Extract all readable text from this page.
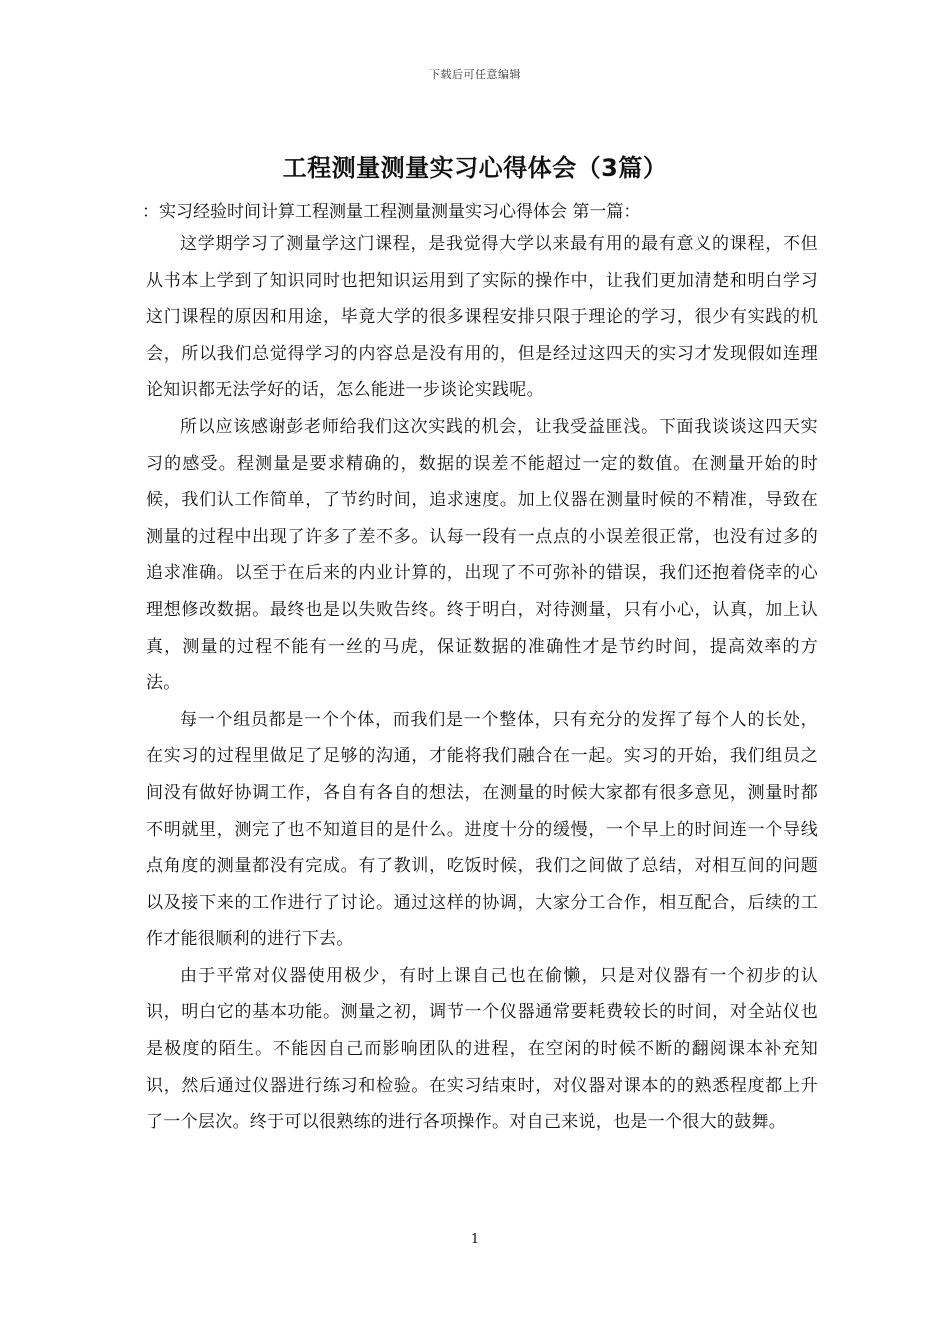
下载后可任意编辑
工程测量测量实习心得体会（3篇）

：实习经验时间计算工程测量工程测量测量实习心得体会 第一篇：

这学期学习了测量学这门课程，是我觉得大学以来最有用的最有意义的课程，不但从书本上学到了知识同时也把知识运用到了实际的操作中，让我们更加清楚和明白学习这门课程的原因和用途，毕竟大学的很多课程安排只限于理论的学习，很少有实践的机会，所以我们总觉得学习的内容总是没有用的，但是经过这四天的实习才发现假如连理论知识都无法学好的话，怎么能进一步谈论实践呢。

所以应该感谢彭老师给我们这次实践的机会，让我受益匪浅。下面我谈谈这四天实习的感受。程测量是要求精确的，数据的误差不能超过一定的数值。在测量开始的时候，我们认工作简单，了节约时间，追求速度。加上仪器在测量时候的不精准，导致在测量的过程中出现了许多了差不多。认每一段有一点点的小误差很正常，也没有过多的追求准确。以至于在后来的内业计算的，出现了不可弥补的错误，我们还抱着侥幸的心理想修改数据。最终也是以失败告终。终于明白，对待测量，只有小心，认真，加上认真，测量的过程不能有一丝的马虎，保证数据的准确性才是节约时间，提高效率的方法。

每一个组员都是一个个体，而我们是一个整体，只有充分的发挥了每个人的长处，在实习的过程里做足了足够的沟通，才能将我们融合在一起。实习的开始，我们组员之间没有做好协调工作，各自有各自的想法，在测量的时候大家都有很多意见，测量时都不明就里，测完了也不知道目的是什么。进度十分的缓慢，一个早上的时间连一个导线点角度的测量都没有完成。有了教训，吃饭时候，我们之间做了总结，对相互间的问题以及接下来的工作进行了讨论。通过这样的协调，大家分工合作，相互配合，后续的工作才能很顺利的进行下去。

由于平常对仪器使用极少，有时上课自己也在偷懒，只是对仪器有一个初步的认识，明白它的基本功能。测量之初，调节一个仪器通常要耗费较长的时间，对全站仪也是极度的陌生。不能因自己而影响团队的进程，在空闲的时候不断的翻阅课本补充知识，然后通过仪器进行练习和检验。在实习结束时，对仪器对课本的的熟悉程度都上升了一个层次。终于可以很熟练的进行各项操作。对自己来说，也是一个很大的鼓舞。

1
